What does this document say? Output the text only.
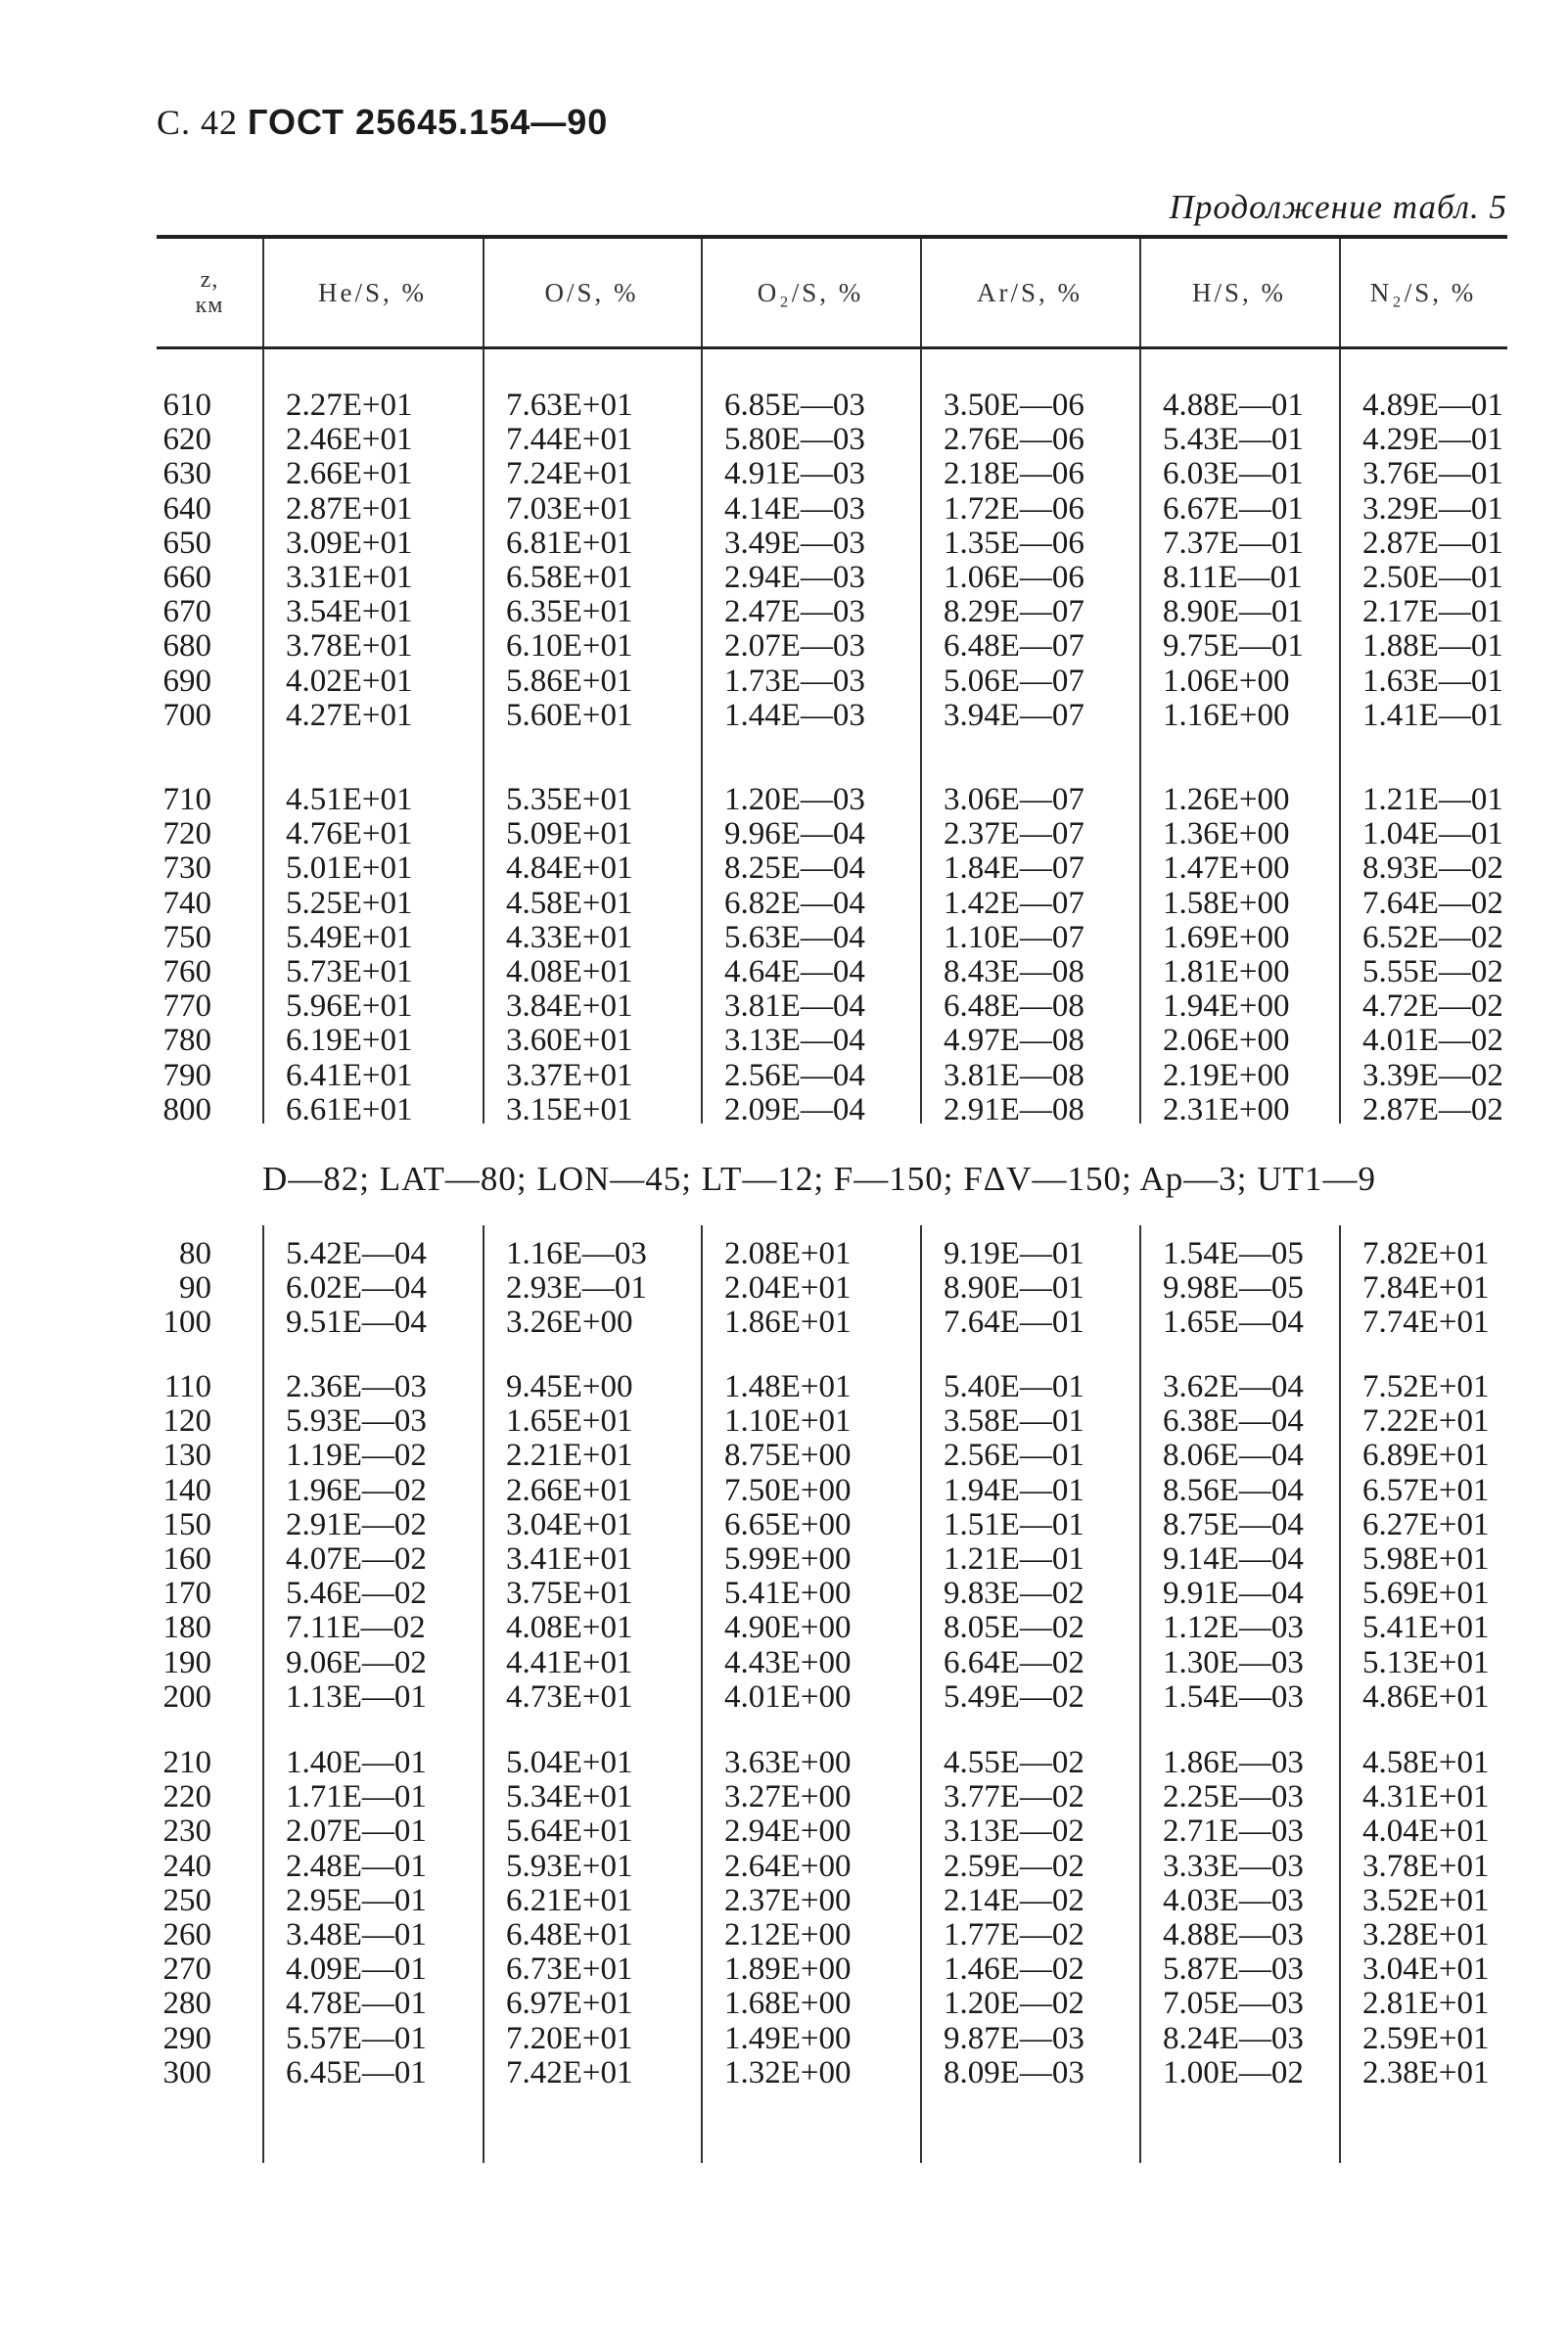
С. 42 ГОСТ 25645.154—90
Продолжение табл. 5
z,
км	He/S, %	O/S, %	O₂/S, %	Ar/S, %	H/S, %	N₂/S, %
610 2.27E+01	7.63E+01	6.85E—03 3.50E—06 4.88E—01 4.89E—01
620 2.46E+01	7.44E+01	5.80E—03 2.76E—06 5.43E—01 4.29E—01
630 2.66E+01	7.24E+01	4.91E—03 2.18E—06 6.03E—01 3.76E—01
640 2.87E+01	7.03E+01	4.14E—03 1.72E—06 6.67E—01 3.29E—01
650 3.09E+01	6.81E+01	3.49E—03 1.35E—06 7.37E—01 2.87E—01
660 3.31E+01	6.58E+01	2.94E—03 1.06E—06 8.11E—01 2.50E—01
670 3.54E+01	6.35E+01	2.47E—03 8.29E—07 8.90E—01 2.17E—01
680 3.78E+01	6.10E+01	2.07E—03 6.48E—07 9.75E—01 1.88E—01
690 4.02E+01	5.86E+01	1.73E—03 5.06E—07 1.06E+00 1.63E—01
700 4.27E+01	5.60E+01	1.44E—03 3.94E—07 1.16E+00 1.41E—01
710 4.51E+01	5.35E+01	1.20E—03 3.06E—07 1.26E+00 1.21E—01
720 4.76E+01	5.09E+01	9.96E—04 2.37E—07 1.36E+00 1.04E—01
730 5.01E+01	4.84E+01	8.25E—04 1.84E—07 1.47E+00 8.93E—02
740 5.25E+01	4.58E+01	6.82E—04 1.42E—07 1.58E+00 7.64E—02
750 5.49E+01	4.33E+01	5.63E—04 1.10E—07 1.69E+00 6.52E—02
760 5.73E+01	4.08E+01	4.64E—04 8.43E—08 1.81E+00 5.55E—02
770 5.96E+01	3.84E+01	3.81E—04 6.48E—08 1.94E+00 4.72E—02
780 6.19E+01	3.60E+01	3.13E—04 4.97E—08 2.06E+00 4.01E—02
790 6.41E+01	3.37E+01	2.56E—04 3.81E—08 2.19E+00 3.39E—02
800 6.61E+01	3.15E+01	2.09E—04 2.91E—08 2.31E+00 2.87E—02
80 5.42E—04 1.16E—03 2.08E+01	9.19E—01 1.54E—05 7.82E+01
90 6.02E—04 2.93E—01 2.04E+01	8.90E—01 9.98E—05 7.84E+01
100 9.51E—04 3.26E+00	1.86E+01	7.64E—01 1.65E—04 7.74E+01
110 2.36E—03 9.45E+00	1.48E+01	5.40E—01 3.62E—04 7.52E+01
120 5.93E—03 1.65E+01	1.10E+01	3.58E—01 6.38E—04 7.22E+01
130 1.19E—02 2.21E+01	8.75E+00	2.56E—01 8.06E—04 6.89E+01
140 1.96E—02 2.66E+01	7.50E+00	1.94E—01 8.56E—04 6.57E+01
150 2.91E—02 3.04E+01	6.65E+00	1.51E—01 8.75E—04 6.27E+01
160 4.07E—02 3.41E+01	5.99E+00	1.21E—01 9.14E—04 5.98E+01
170 5.46E—02 3.75E+01	5.41E+00	9.83E—02 9.91E—04 5.69E+01
180 7.11E—02 4.08E+01	4.90E+00	8.05E—02 1.12E—03 5.41E+01
190 9.06E—02 4.41E+01	4.43E+00	6.64E—02 1.30E—03 5.13E+01
200 1.13E—01 4.73E+01	4.01E+00	5.49E—02 1.54E—03 4.86E+01
210 1.40E—01 5.04E+01	3.63E+00	4.55E—02 1.86E—03 4.58E+01
220 1.71E—01 5.34E+01	3.27E+00	3.77E—02 2.25E—03 4.31E+01
230 2.07E—01 5.64E+01	2.94E+00	3.13E—02 2.71E—03 4.04E+01
240 2.48E—01 5.93E+01	2.64E+00	2.59E—02 3.33E—03 3.78E+01
250 2.95E—01 6.21E+01	2.37E+00	2.14E—02 4.03E—03 3.52E+01
260 3.48E—01 6.48E+01	2.12E+00	1.77E—02 4.88E—03 3.28E+01
270 4.09E—01 6.73E+01	1.89E+00	1.46E—02 5.87E—03 3.04E+01
280 4.78E—01 6.97E+01	1.68E+00	1.20E—02 7.05E—03 2.81E+01
290 5.57E—01 7.20E+01	1.49E+00	9.87E—03 8.24E—03 2.59E+01
300 6.45E—01 7.42E+01	1.32E+00	8.09E—03 1.00E—02 2.38E+01
D—82; LAT—80; LON—45; LT—12; F—150; FΔV—150; Ap—3; UT1—9
